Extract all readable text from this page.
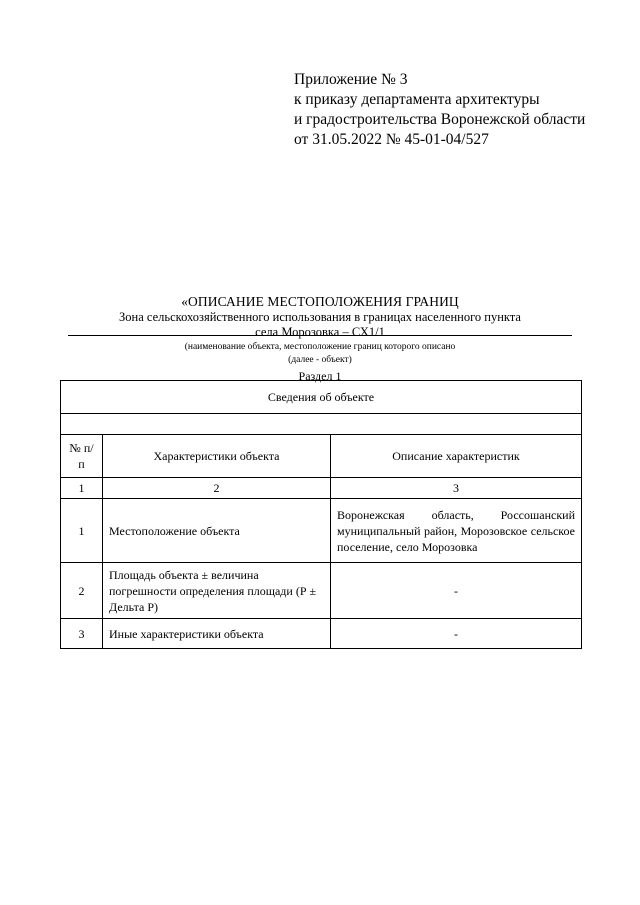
Приложение № 3
к приказу департамента архитектуры
и градостроительства Воронежской области
от 31.05.2022 № 45-01-04/527
«ОПИСАНИЕ МЕСТОПОЛОЖЕНИЯ ГРАНИЦ
Зона сельскохозяйственного использования в границах населенного пункта
села Морозовка – СХ1/1
(наименование объекта, местоположение границ которого описано
(далее - объект)
Раздел 1
Сведения об объекте		

№ п/п	Характеристики объекта	Описание характеристик
1	2	3
1	Местоположение объекта	Воронежская область, Россошанский муниципальный район, Морозовское сельское поселение, село Морозовка
2	Площадь объекта ± величина погрешности определения площади (Р ± Дельта Р)	-
3	Иные характеристики объекта	-
